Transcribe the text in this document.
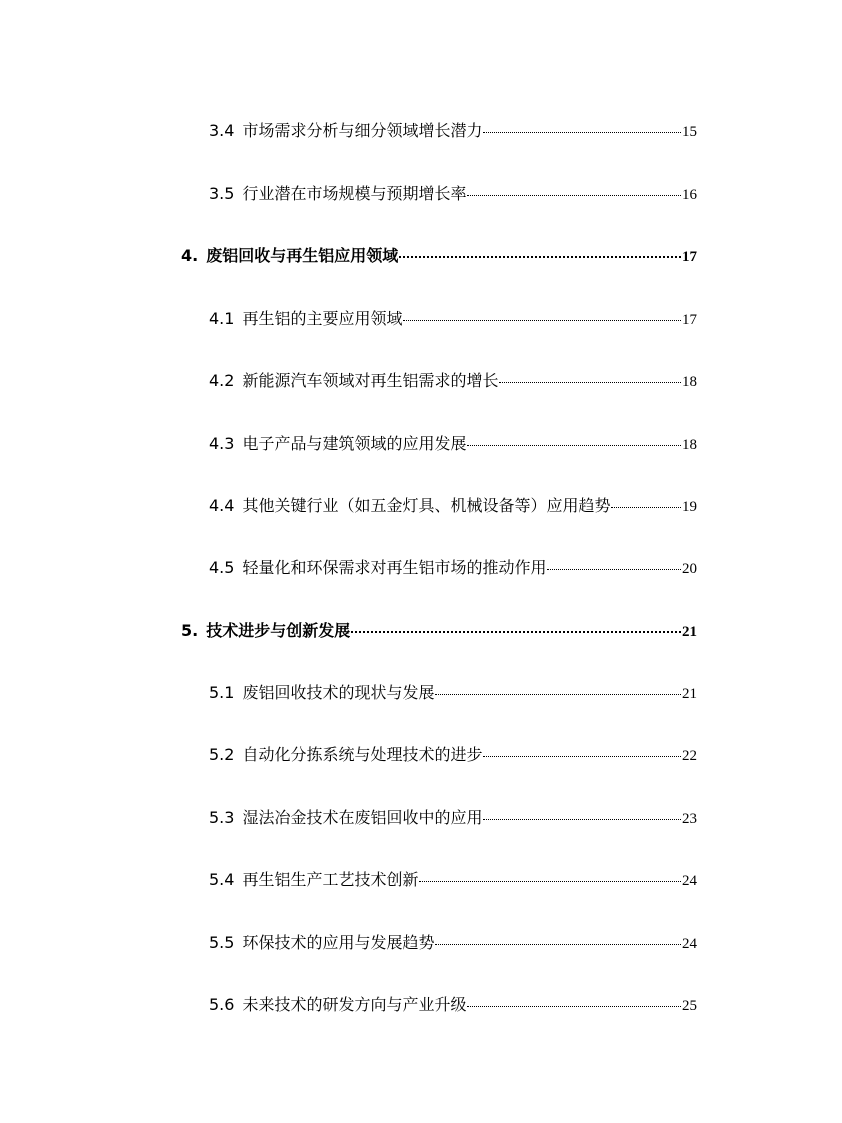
3.4 市场需求分析与细分领域增长潜力	15
3.5 行业潜在市场规模与预期增长率	16
4. 废铝回收与再生铝应用领域	17
4.1 再生铝的主要应用领域	17
4.2 新能源汽车领域对再生铝需求的增长	18
4.3 电子产品与建筑领域的应用发展	18
4.4 其他关键行业（如五金灯具、机械设备等）应用趋势	19
4.5 轻量化和环保需求对再生铝市场的推动作用	20
5. 技术进步与创新发展	21
5.1 废铝回收技术的现状与发展	21
5.2 自动化分拣系统与处理技术的进步	22
5.3 湿法冶金技术在废铝回收中的应用	23
5.4 再生铝生产工艺技术创新	24
5.5 环保技术的应用与发展趋势	24
5.6 未来技术的研发方向与产业升级	25
